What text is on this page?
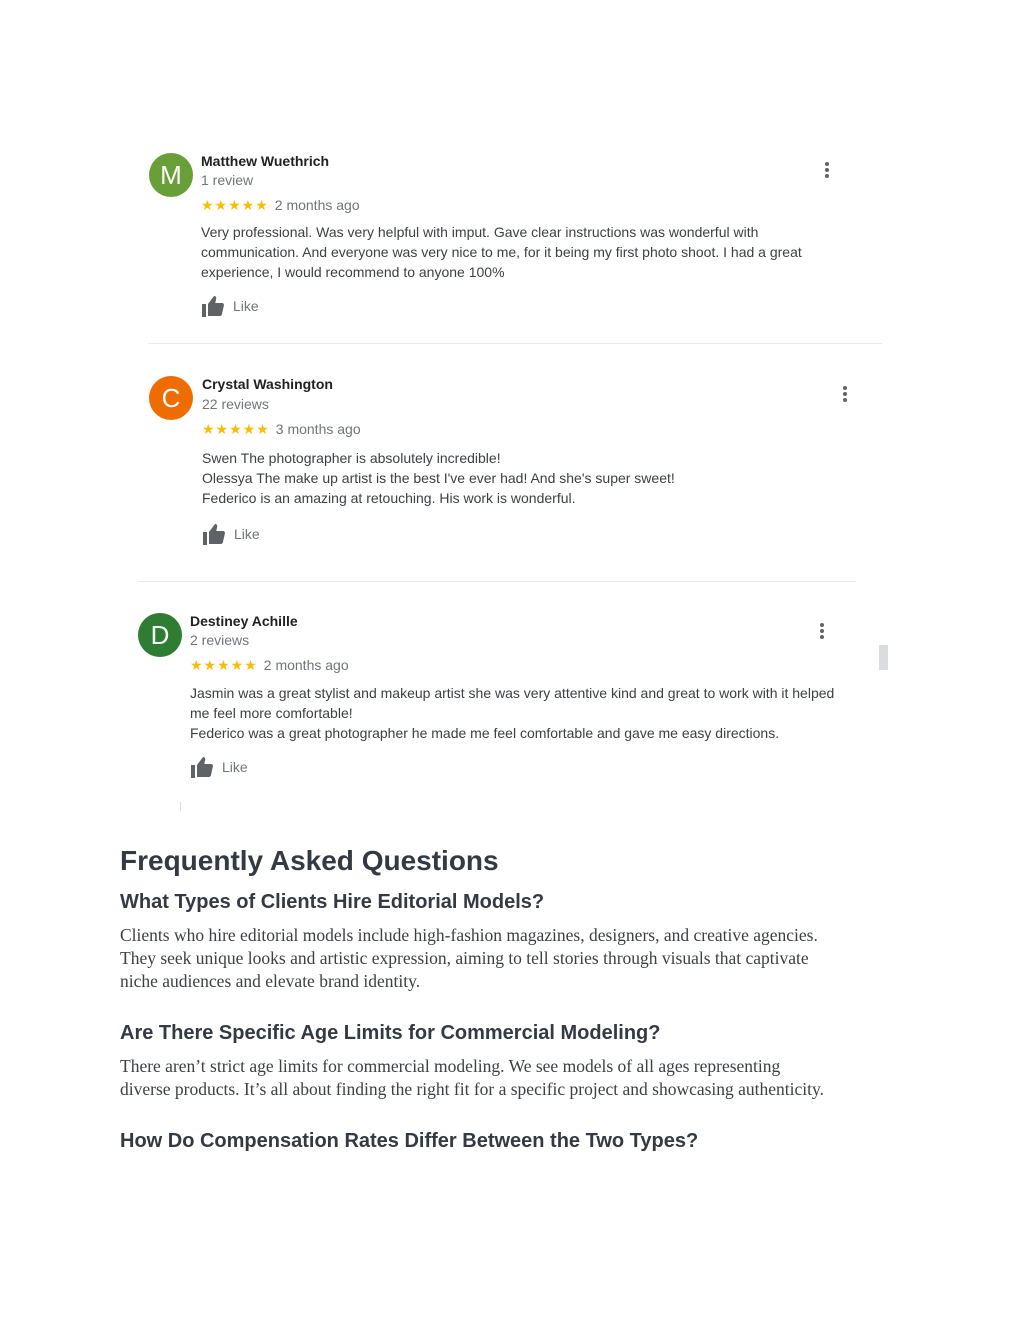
M	Matthew Wuethrich
1 review
★★★★★ 2 months ago
Very professional. Was very helpful with imput. Gave clear instructions was wonderful with
communication. And everyone was very nice to me, for it being my first photo shoot. I had a great
experience, I would recommend to anyone 100%
Like
C	Crystal Washington
22 reviews
★★★★★ 3 months ago
Swen The photographer is absolutely incredible!
Olessya The make up artist is the best I've ever had! And she's super sweet!
Federico is an amazing at retouching. His work is wonderful.
Like
D	Destiney Achille
2 reviews
★★★★★ 2 months ago
Jasmin was a great stylist and makeup artist she was very attentive kind and great to work with it helped
me feel more comfortable!
Federico was a great photographer he made me feel comfortable and gave me easy directions.
Like
Frequently Asked Questions
What Types of Clients Hire Editorial Models?
Clients who hire editorial models include high-fashion magazines, designers, and creative agencies.
They seek unique looks and artistic expression, aiming to tell stories through visuals that captivate
niche audiences and elevate brand identity.
Are There Specific Age Limits for Commercial Modeling?
There aren’t strict age limits for commercial modeling. We see models of all ages representing
diverse products. It’s all about finding the right fit for a specific project and showcasing authenticity.
How Do Compensation Rates Differ Between the Two Types?
